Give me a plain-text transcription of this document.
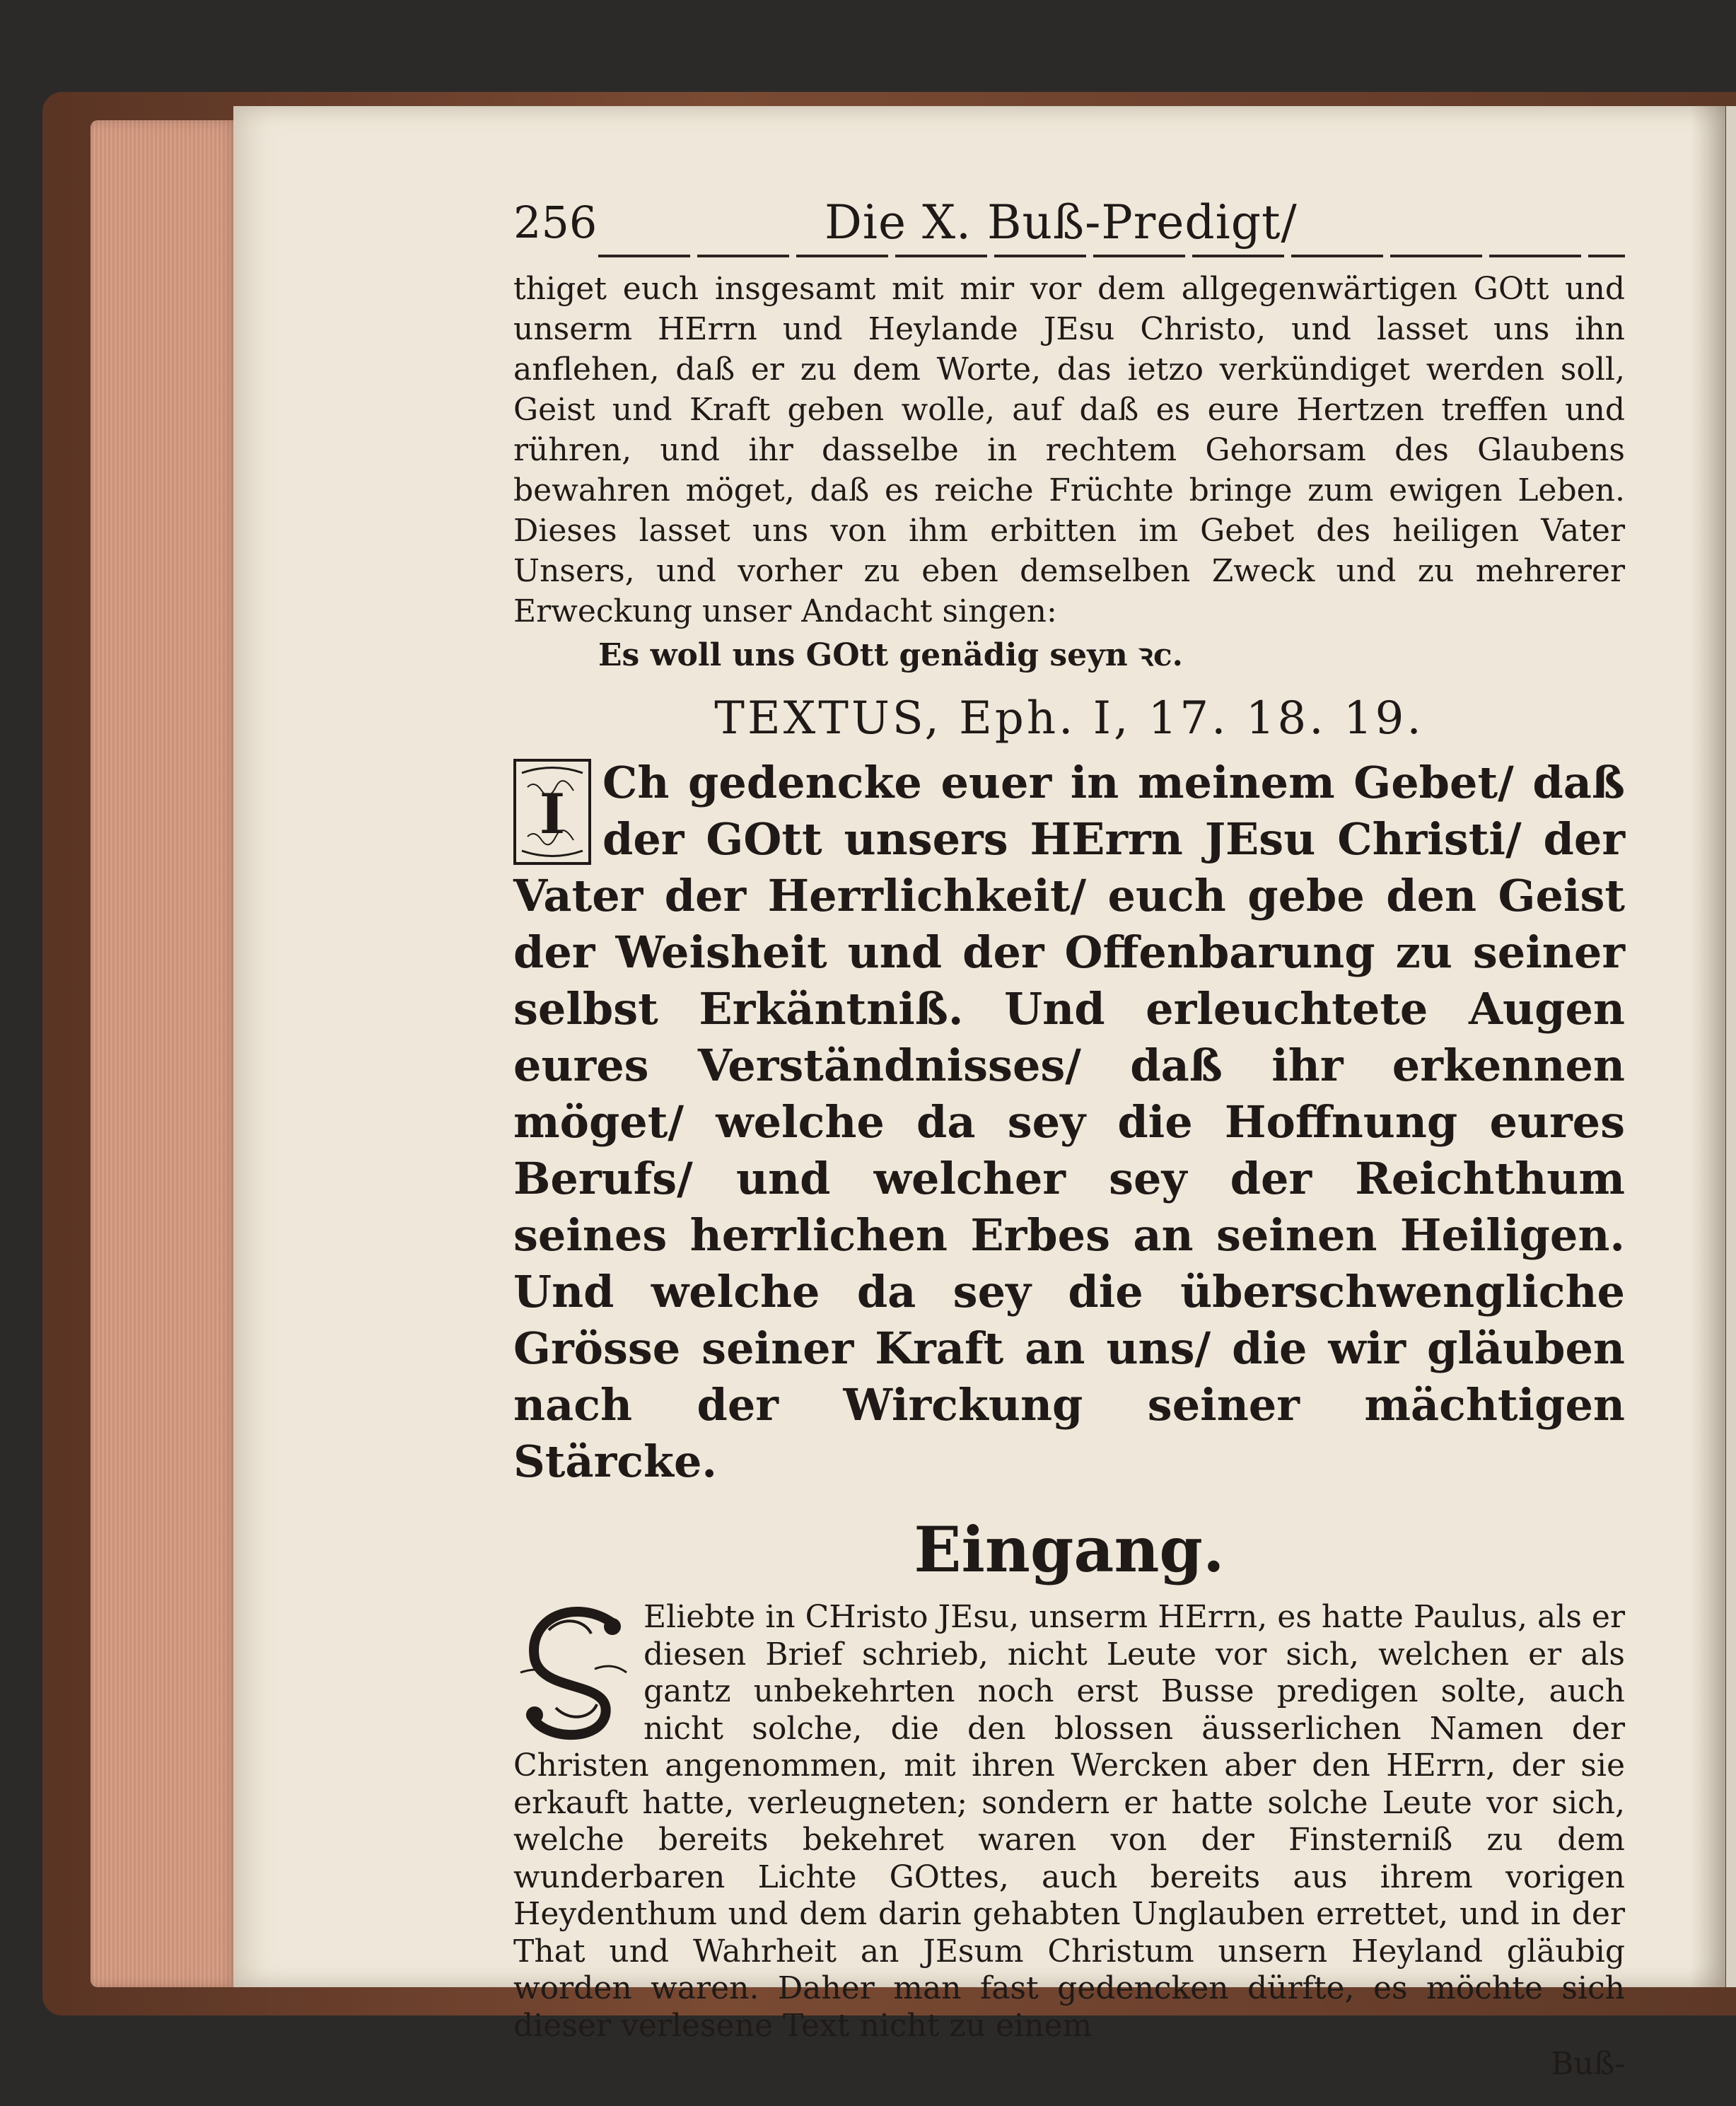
256	Die X. Buß-Predigt/

thiget euch insgesamt mit mir vor dem allgegenwärtigen GOtt und unserm HErrn und Heylande JEsu Christo, und lasset uns ihn anflehen, daß er zu dem Worte, das ietzo verkündiget werden soll, Geist und Kraft geben wolle, auf daß es eure Hertzen treffen und rühren, und ihr dasselbe in rechtem Gehorsam des Glaubens bewahren möget, daß es reiche Früchte bringe zum ewigen Leben. Dieses lasset uns von ihm erbitten im Gebet des heiligen Vater Unsers, und vorher zu eben demselben Zweck und zu mehrerer Erweckung unser Andacht singen:

Es woll uns GOtt genädig seyn ꝛc.

TEXTUS, Eph. I, 17. 18. 19.

I Ch gedencke euer in meinem Gebet/ daß der GOtt unsers HErrn JEsu Christi/ der Vater der Herrlichkeit/ euch gebe den Geist der Weisheit und der Offenbarung zu seiner selbst Erkäntniß. Und erleuchtete Augen eures Verständnisses/ daß ihr erkennen möget/ welche da sey die Hoffnung eures Berufs/ und welcher sey der Reichthum seines herrlichen Erbes an seinen Heiligen. Und welche da sey die überschwengliche Grösse seiner Kraft an uns/ die wir gläuben nach der Wirckung seiner mächtigen Stärcke.

Eingang.

G
Eliebte in CHristo JEsu, unserm HErrn, es hatte Paulus, als er diesen Brief schrieb, nicht Leute vor sich, welchen er als gantz unbekehrten noch erst Busse predigen solte, auch nicht solche, die den blossen äusserlichen Namen der Christen angenommen, mit ihren Wercken aber den HErrn, der sie erkauft hatte, verleugneten; sondern er hatte solche Leute vor sich, welche bereits bekehret waren von der Finsterniß zu dem wunderbaren Lichte GOttes, auch bereits aus ihrem vorigen Heydenthum und dem darin gehabten Unglauben errettet, und in der That und Wahrheit an JEsum Christum unsern Heyland gläubig worden waren. Daher man fast gedencken dürfte, es möchte sich dieser verlesene Text nicht zu einem

Buß-
